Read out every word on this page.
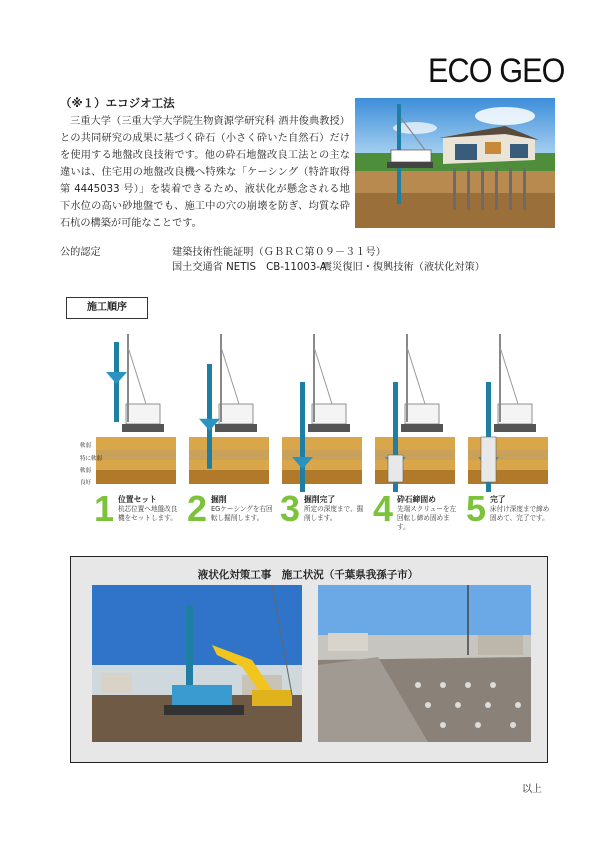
ECO GEO
（※１）エコジオ工法
三重大学（三重大学大学院生物資源学研究科 酒井俊典教授）との共同研究の成果に基づく砕石（小さく砕いた自然石）だけを使用する地盤改良技術です。他の砕石地盤改良工法との主な違いは、住宅用の地盤改良機へ特殊な「ケーシング（特許取得 第 4445033 号）」を装着できるため、液状化が懸念される地下水位の高い砂地盤でも、施工中の穴の崩壊を防ぎ、均質な砕石杭の構築が可能なことです。
公的認定	建築技術性能証明（ＧＢＲＣ第０９－３１号）
国土交通省 NETIS　CB-11003-A
震災復旧・復興技術（液状化対策）
施工順序
軟弱
特に軟弱
軟弱
良好
1 位置セット
杭芯位置へ地盤改良機をセットします。 2 掘削
EGケーシングを右回転し掘削します。 3 掘削完了
所定の深度まで、掘削します。	4 砕石締固め
先端スクリューを左回転し締め固めます。	5 完了
床付け深度まで締め固めて、完了です。
液状化対策工事　施工状況（千葉県我孫子市）
以上
